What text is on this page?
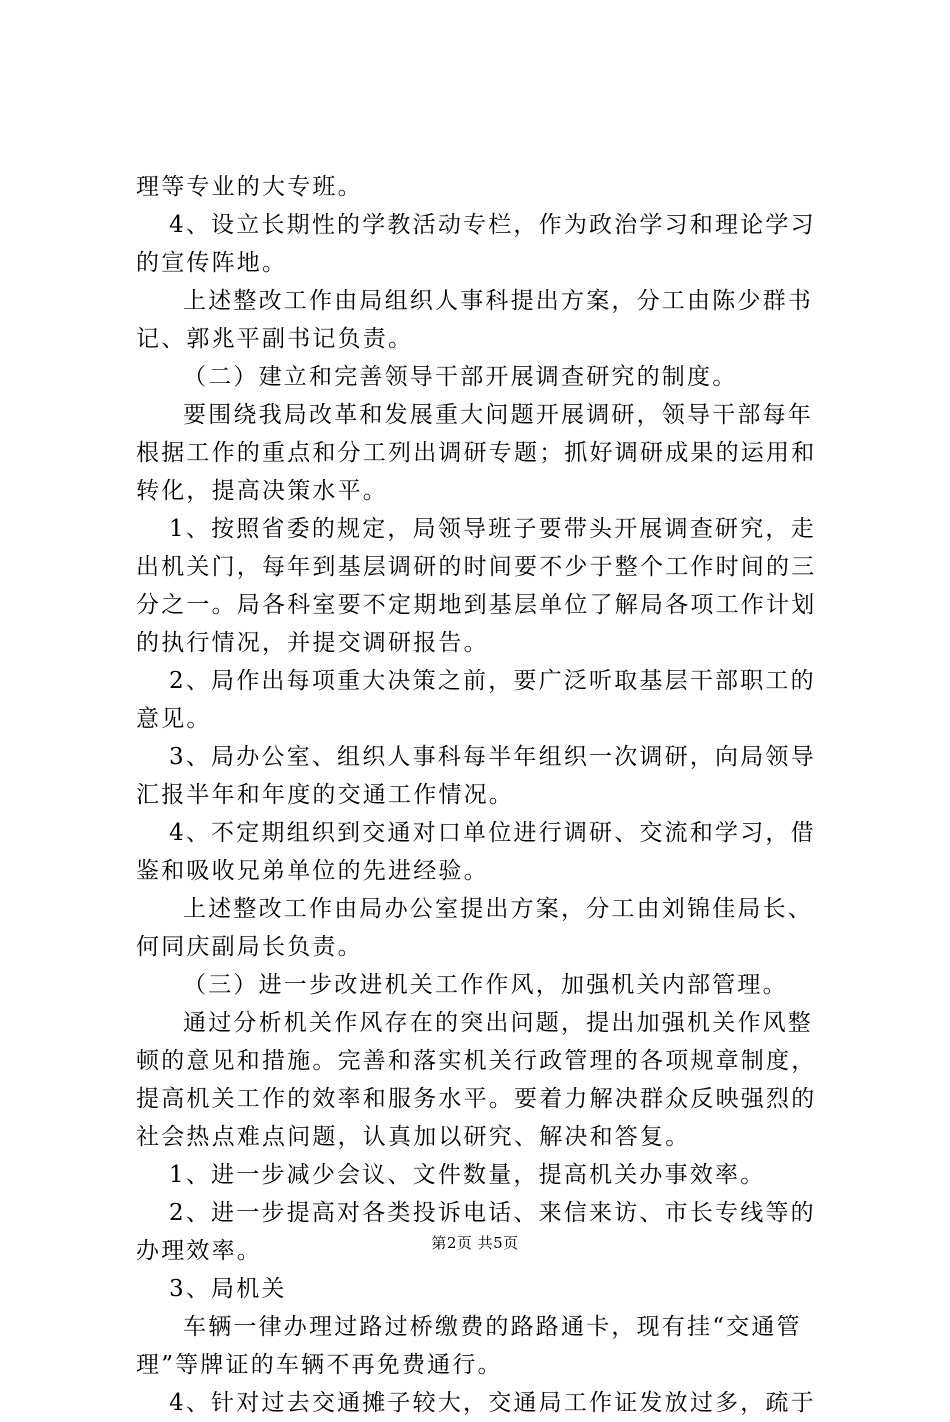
理等专业的大专班。
4、设立长期性的学教活动专栏，作为政治学习和理论学习
的宣传阵地。
上述整改工作由局组织人事科提出方案，分工由陈少群书
记、郭兆平副书记负责。
（二）建立和完善领导干部开展调查研究的制度。
要围绕我局改革和发展重大问题开展调研，领导干部每年
根据工作的重点和分工列出调研专题；抓好调研成果的运用和
转化，提高决策水平。
1、按照省委的规定，局领导班子要带头开展调查研究，走
出机关门，每年到基层调研的时间要不少于整个工作时间的三
分之一。局各科室要不定期地到基层单位了解局各项工作计划
的执行情况，并提交调研报告。
2、局作出每项重大决策之前，要广泛听取基层干部职工的
意见。
3、局办公室、组织人事科每半年组织一次调研，向局领导
汇报半年和年度的交通工作情况。
4、不定期组织到交通对口单位进行调研、交流和学习，借
鉴和吸收兄弟单位的先进经验。
上述整改工作由局办公室提出方案，分工由刘锦佳局长、
何同庆副局长负责。
（三）进一步改进机关工作作风，加强机关内部管理。
通过分析机关作风存在的突出问题，提出加强机关作风整
顿的意见和措施。完善和落实机关行政管理的各项规章制度，
提高机关工作的效率和服务水平。要着力解决群众反映强烈的
社会热点难点问题，认真加以研究、解决和答复。
1、进一步减少会议、文件数量，提高机关办事效率。
2、进一步提高对各类投诉电话、来信来访、市长专线等的
办理效率。
3、局机关
车辆一律办理过路过桥缴费的路路通卡，现有挂“交通管
理”等牌证的车辆不再免费通行。
4、针对过去交通摊子较大，交通局工作证发放过多，疏于
第2页 共5页
